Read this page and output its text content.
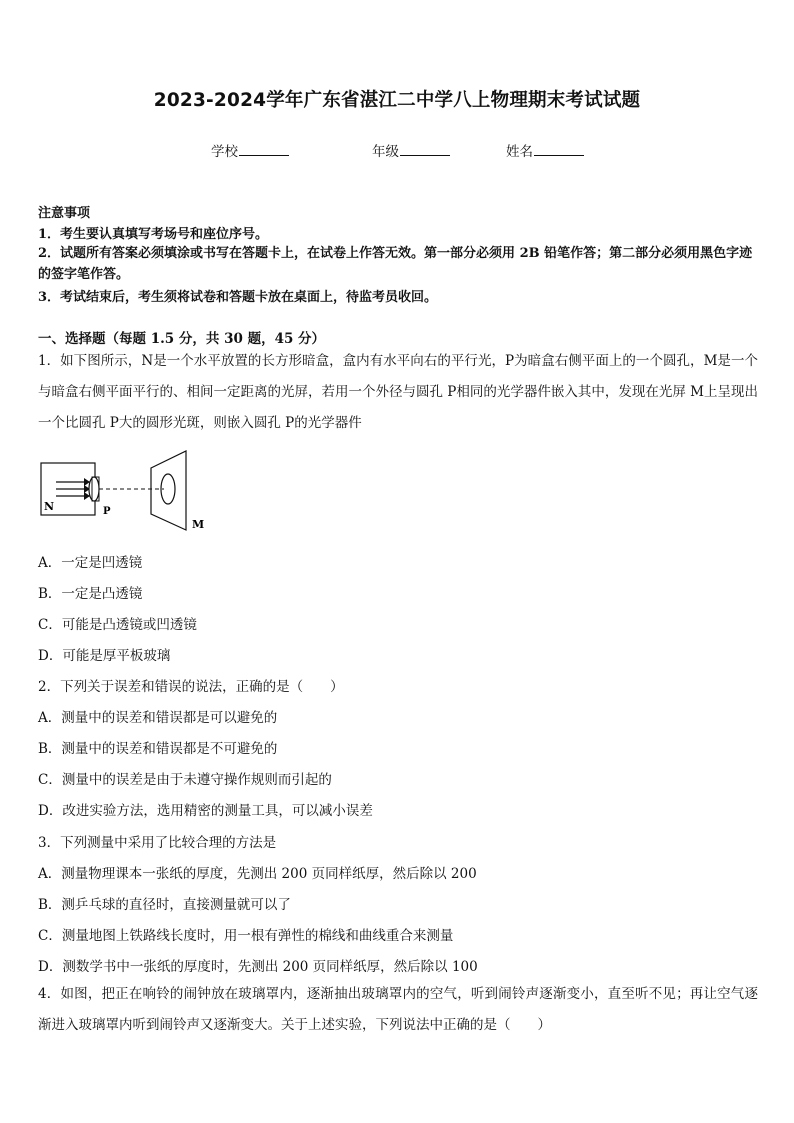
2023-2024学年广东省湛江二中学八上物理期末考试试题
学校	年级	姓名
注意事项
1．考生要认真填写考场号和座位序号。
2．试题所有答案必须填涂或书写在答题卡上，在试卷上作答无效。第一部分必须用 2B 铅笔作答；第二部分必须用黑色字迹的签字笔作答。
3．考试结束后，考生须将试卷和答题卡放在桌面上，待监考员收回。
一、选择题（每题 1.5 分，共 30 题，45 分）
1．如下图所示，N是一个水平放置的长方形暗盒，盒内有水平向右的平行光，P为暗盒右侧平面上的一个圆孔，M是一个与暗盒右侧平面平行的、相间一定距离的光屏，若用一个外径与圆孔 P相同的光学器件嵌入其中，发现在光屏 M上呈现出一个比圆孔 P大的圆形光斑，则嵌入圆孔 P的光学器件
N	P
M
A．一定是凹透镜
B．一定是凸透镜
C．可能是凸透镜或凹透镜
D．可能是厚平板玻璃
2．下列关于误差和错误的说法，正确的是（　　）
A．测量中的误差和错误都是可以避免的
B．测量中的误差和错误都是不可避免的
C．测量中的误差是由于未遵守操作规则而引起的
D．改进实验方法，选用精密的测量工具，可以减小误差
3．下列测量中采用了比较合理的方法是
A．测量物理课本一张纸的厚度，先测出 200 页同样纸厚，然后除以 200
B．测乒乓球的直径时，直接测量就可以了
C．测量地图上铁路线长度时，用一根有弹性的棉线和曲线重合来测量
D．测数学书中一张纸的厚度时，先测出 200 页同样纸厚，然后除以 100
4．如图，把正在响铃的闹钟放在玻璃罩内，逐渐抽出玻璃罩内的空气，听到闹铃声逐渐变小，直至听不见；再让空气逐渐进入玻璃罩内听到闹铃声又逐渐变大。关于上述实验，下列说法中正确的是（　　）
